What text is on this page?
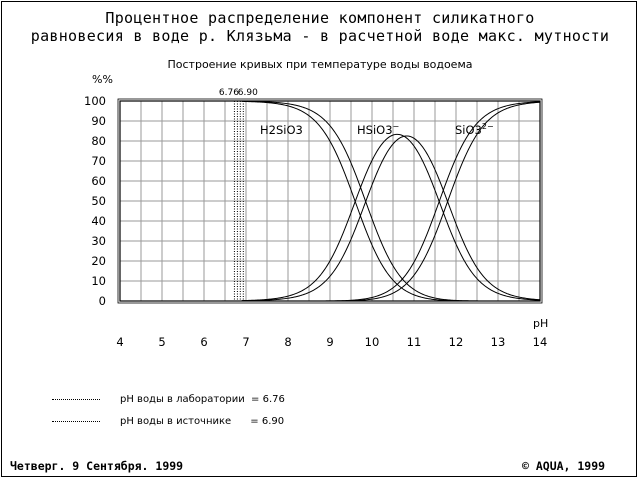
Процентное распределение компонент силикатного
равновесия в воде р. Клязьма - в расчетной воде макс. мутности
Построение кривых при температуре воды водоема
0
10
20
30
40
50
60
70
80
90
100
%%
4	5	6	7	8	9	10 11 12 13 14
pH
6.76
6.90
H2SiO3	HSiO3−	$SiO3^{2-}$
pH воды в лаборатории = 6.76
pH воды в источнике = 6.90
Четверг. 9 Сентября. 1999	© AQUA, 1999
